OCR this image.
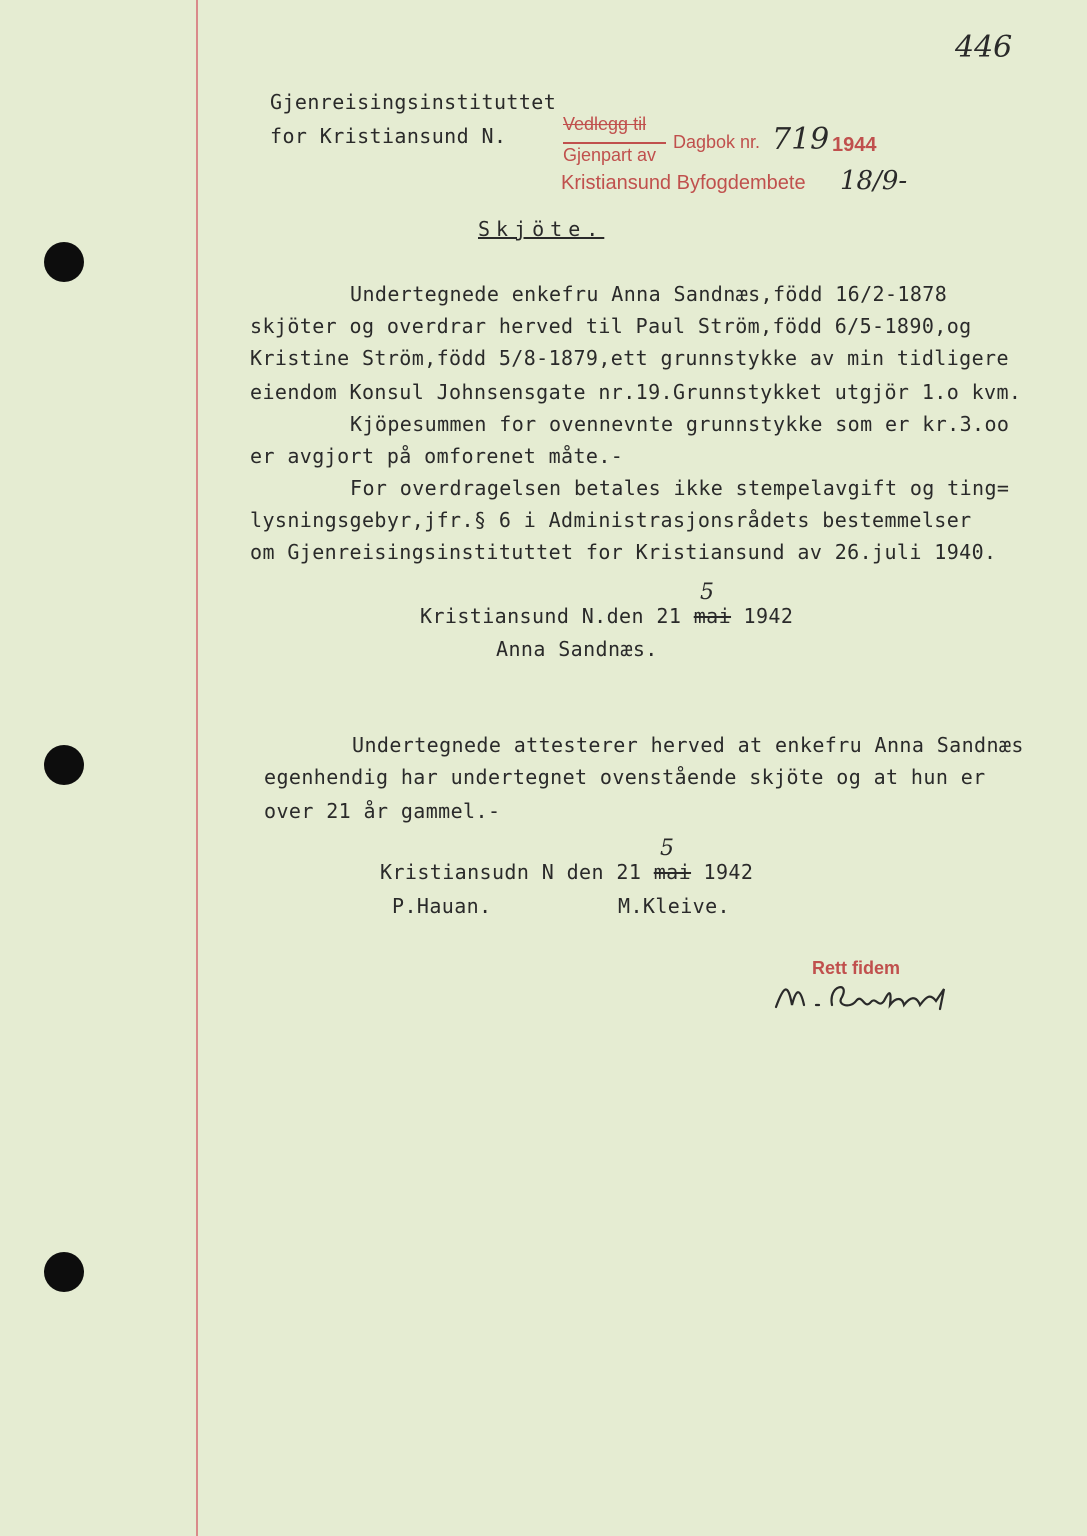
446
Gjenreisingsinstituttet
for Kristiansund N.	Vedlegg til
Gjenpart av
Dagbok nr. 719 1944
Kristiansund Byfogdembete 18/9-
Skjöte.
Undertegnede enkefru Anna Sandnæs,född 16/2-1878
skjöter og overdrar herved til Paul Ström,född 6/5-1890,og
Kristine Ström,född 5/8-1879,ett grunnstykke av min tidligere
eiendom Konsul Johnsensgate nr.19.Grunnstykket utgjör 1.o kvm.
Kjöpesummen for ovennevnte grunnstykke som er kr.3.oo
er avgjort på omforenet måte.-
For overdragelsen betales ikke stempelavgift og ting=
lysningsgebyr,jfr.§ 6 i Administrasjonsrådets bestemmelser
om Gjenreisingsinstituttet for Kristiansund av 26.juli 1940.
Kristiansund N.den 21 mai 1942
5
Anna Sandnæs.
Undertegnede attesterer herved at enkefru Anna Sandnæs
egenhendig har undertegnet ovenstående skjöte og at hun er
over 21 år gammel.-
Kristiansudn N den 21 mai 1942
5
P.Hauan.	M.Kleive.
Rett fidem
